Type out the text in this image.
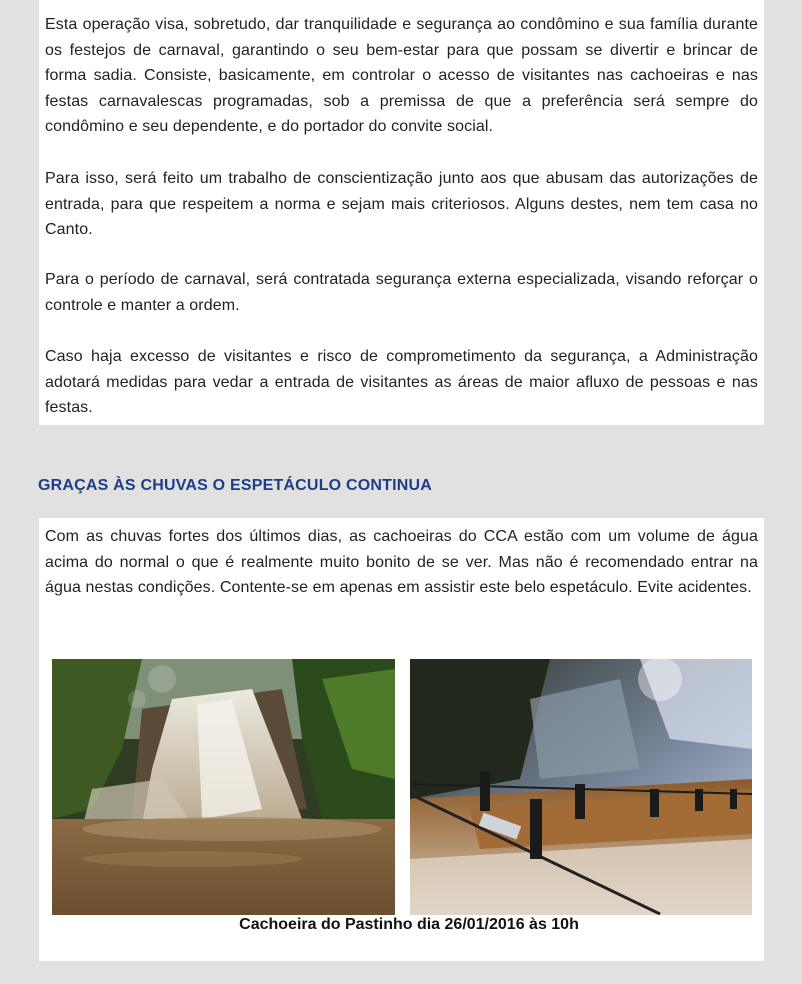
Esta operação visa, sobretudo, dar tranquilidade e segurança ao condômino e sua família durante os festejos de carnaval, garantindo o seu bem-estar para que possam se divertir e brincar de forma sadia. Consiste, basicamente, em controlar o acesso de visitantes nas cachoeiras e nas festas carnavalescas programadas, sob a premissa de que a preferência será sempre do condômino e seu dependente, e do portador do convite social.

Para isso, será feito um trabalho de conscientização junto aos que abusam das autorizações de entrada, para que respeitem a norma e sejam mais criteriosos. Alguns destes, nem tem casa no Canto.

Para o período de carnaval, será contratada segurança externa especializada, visando reforçar o controle e manter a ordem.

Caso haja excesso de visitantes e risco de comprometimento da segurança, a Administração adotará medidas para vedar a entrada de visitantes as áreas de maior afluxo de pessoas e nas festas.

GRAÇAS ÀS CHUVAS O ESPETÁCULO CONTINUA

Com as chuvas fortes dos últimos dias, as cachoeiras do CCA estão com um volume de água acima do normal o que é realmente muito bonito de se ver. Mas não é recomendado entrar na água nestas condições. Contente-se em apenas em assistir este belo espetáculo. Evite acidentes.

Cachoeira do Pastinho dia 26/01/2016 às 10h
